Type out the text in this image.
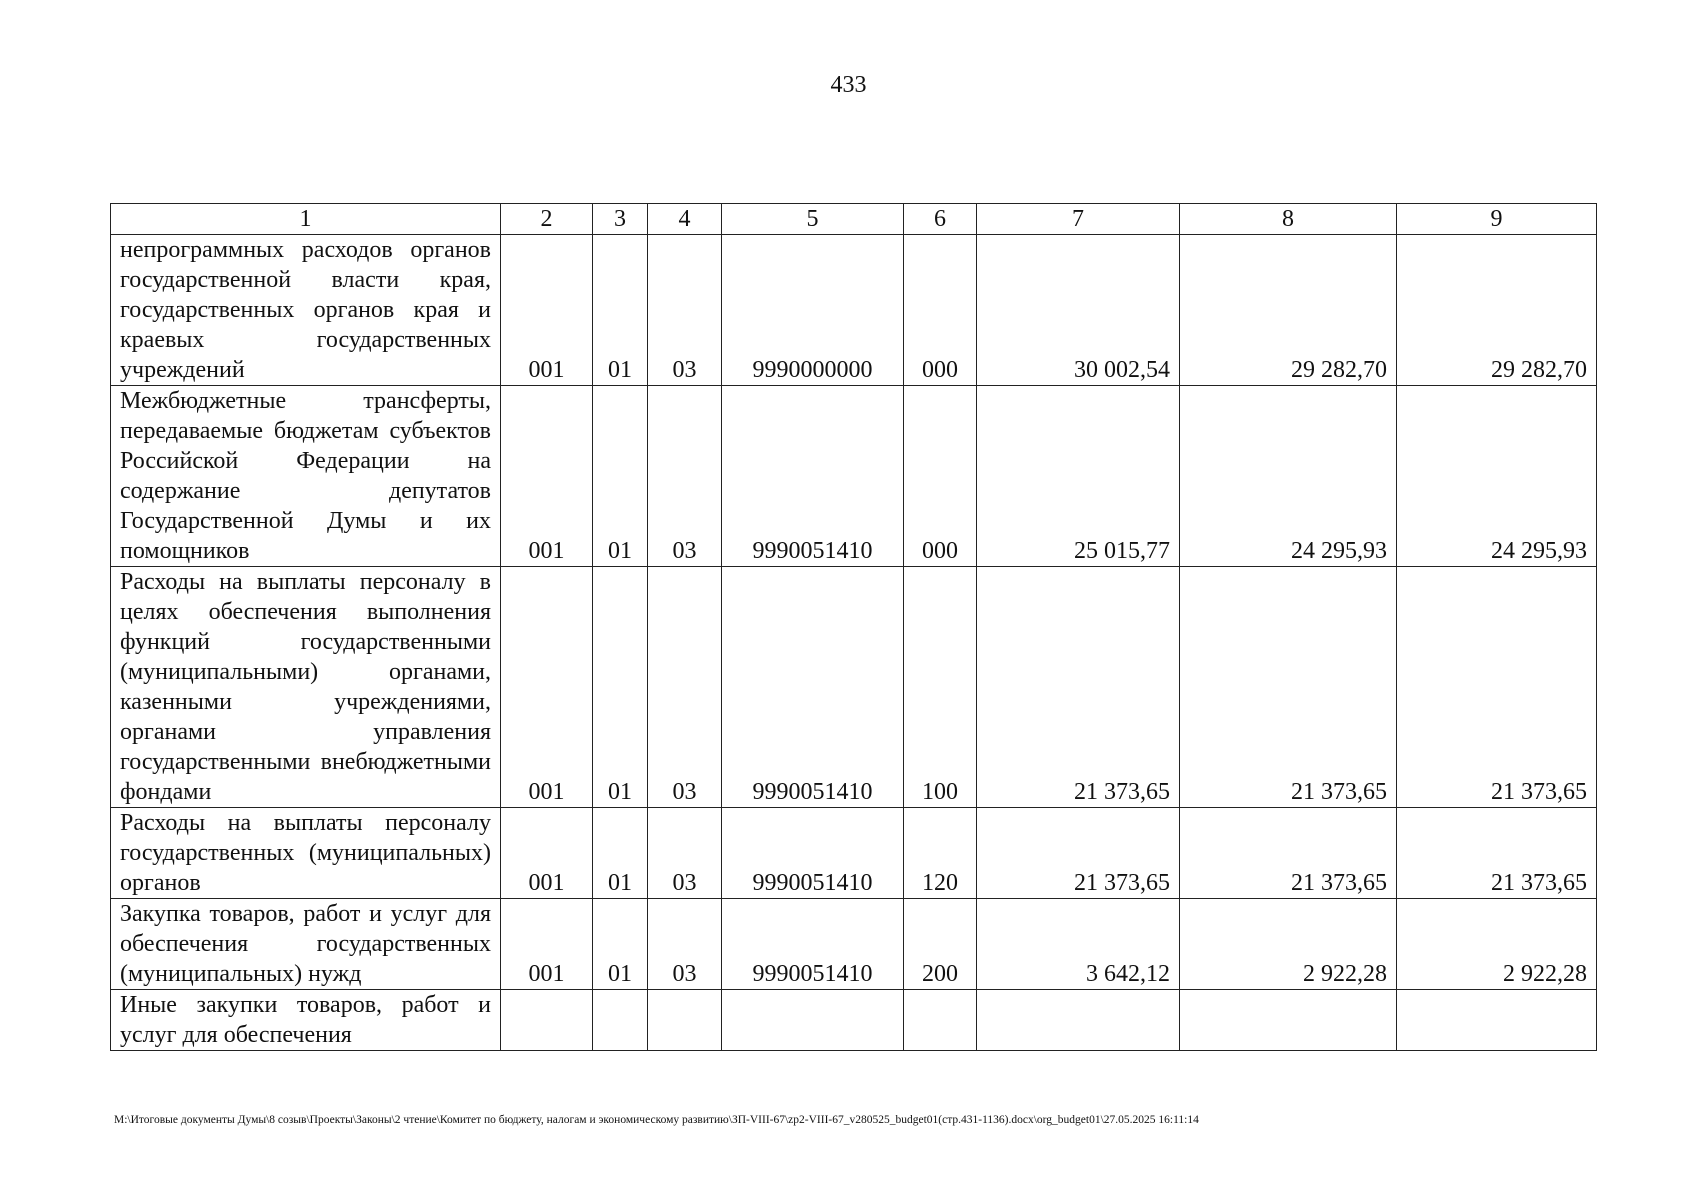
433
1	2	3	4	5	6	7	8	9
непрограммных расходов органов государственной власти края, государственных органов края и краевых государственных учреждений	001	01	03	9990000000	000	30 002,54	29 282,70	29 282,70
Межбюджетные трансферты, передаваемые бюджетам субъектов Российской Федерации на содержание депутатов Государственной Думы и их помощников	001	01	03	9990051410	000	25 015,77	24 295,93	24 295,93
Расходы на выплаты персоналу в целях обеспечения выполнения функций государственными (муниципальными) органами, казенными учреждениями, органами управления государственными внебюджетными фондами	001	01	03	9990051410	100	21 373,65	21 373,65	21 373,65
Расходы на выплаты персоналу государственных (муниципальных) органов	001	01	03	9990051410	120	21 373,65	21 373,65	21 373,65
Закупка товаров, работ и услуг для обеспечения государственных (муниципальных) нужд	001	01	03	9990051410	200	3 642,12	2 922,28	2 922,28
Иные закупки товаров, работ и услуг для обеспечения								
M:\Итоговые документы Думы\8 созыв\Проекты\Законы\2 чтение\Комитет по бюджету, налогам и экономическому развитию\ЗП-VIII-67\zp2-VIII-67_v280525_budget01(стр.431-1136).docx\org_budget01\27.05.2025 16:11:14
